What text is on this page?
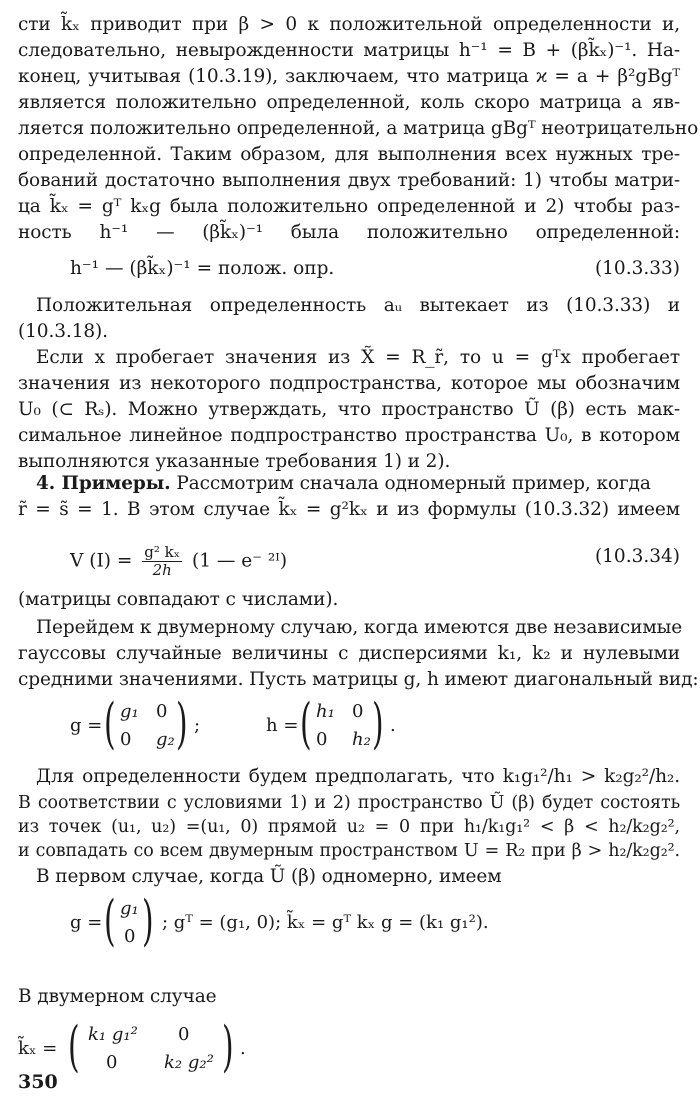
сти k̃ₓ приводит при β > 0 к положительной определенности и,
следовательно, невырожденности матрицы h⁻¹ = B + (βk̃ₓ)⁻¹. На-
конец, учитывая (10.3.19), заключаем, что матрица ϰ = a + β²gBgᵀ
является положительно определенной, коль скоро матрица a яв-
ляется положительно определенной, а матрица gBgᵀ неотрицательно
определенной. Таким образом, для выполнения всех нужных тре-
бований достаточно выполнения двух требований: 1) чтобы матри-
ца k̃ₓ = gᵀ kₓg была положительно определенной и 2) чтобы раз-
ность h⁻¹ — (βk̃ₓ)⁻¹ была положительно определенной:
h⁻¹ — (βk̃ₓ)⁻¹ = полож. опр.	(10.3.33)
Положительная определенность aᵤ вытекает из (10.3.33) и
(10.3.18).
Если x пробегает значения из X̃ = R_r̃, то u = gᵀx пробегает
значения из некоторого подпространства, которое мы обозначим
U₀ (⊂ Rₛ). Можно утверждать, что пространство Ũ (β) есть мак-
симальное линейное подпространство пространства U₀, в котором
выполняются указанные требования 1) и 2).
4. Примеры. Рассмотрим сначала одномерный пример, когда
r̃ = s̃ = 1. В этом случае k̃ₓ = g²kₓ и из формулы (10.3.32) имеем
V $(I) = \frac{\text{g² kₓ}}{2h} (1$ — e⁻ ²ᴵ)	(10.3.34)
(матрицы совпадают с числами).
Перейдем к двумерному случаю, когда имеются две независимые
гауссовы случайные величины с дисперсиями k₁, k₂ и нулевыми
средними значениями. Пусть матрицы g, h имеют диагональный вид:
g = ( g₁ 0
0 g₂ ) ;	h = ( h₁ 0
0 h₂ ) .
Для определенности будем предполагать, что k₁g₁²/h₁ > k₂g₂²/h₂.
В соответствии с условиями 1) и 2) пространство Ũ (β) будет состоять
из точек (u₁, u₂) =(u₁, 0) прямой u₂ = 0 при h₁/k₁g₁² < β < h₂/k₂g₂²,
и совпадать со всем двумерным пространством U = R₂ при β > h₂/k₂g₂².
В первом случае, когда Ũ (β) одномерно, имеем
g = ( g₁
0 ) ; gᵀ = (g₁, 0); k̃ₓ = gᵀ kₓ g = (k₁ g₁²).
В двумерном случае
k̃ₓ = ( k₁ g₁² 0
0	k₂ g₂² ) .
350
